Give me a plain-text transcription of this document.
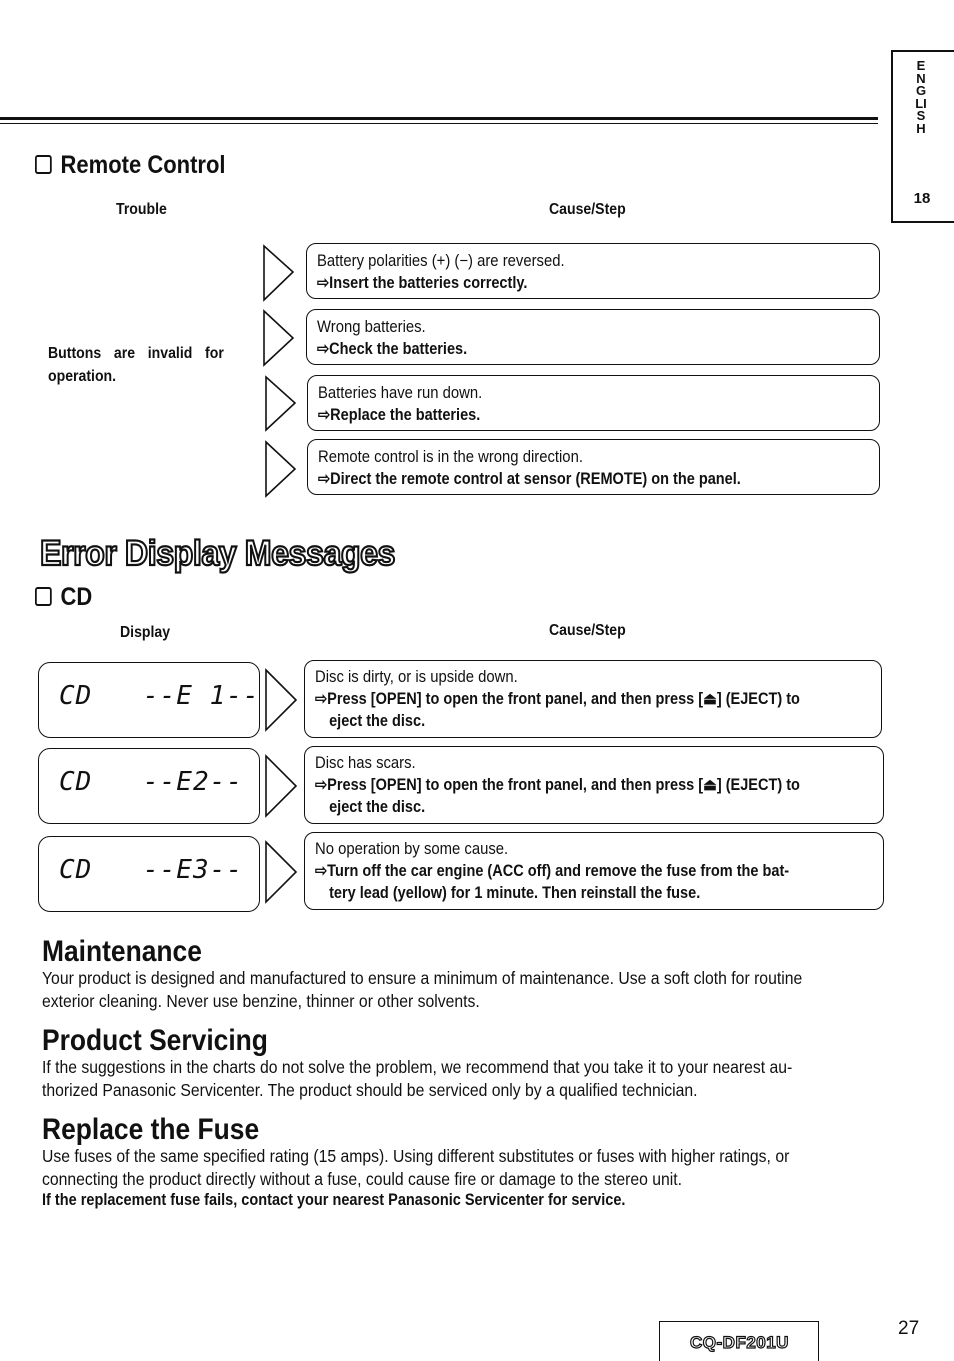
ENGLISH
18
Remote Control
Trouble	Cause/Step
Buttons are invalid for
operation.
Battery polarities (+) (−) are reversed.
⇨Insert the batteries correctly.
Wrong batteries.
⇨Check the batteries.
Batteries have run down.
⇨Replace the batteries.
Remote control is in the wrong direction.
⇨Direct the remote control at sensor (REMOTE) on the panel.
Error Display Messages
CD
Display	Cause/Step
CD --E 1--
CD --E2--
CD --E3--
Disc is dirty, or is upside down.
⇨Press [OPEN] to open the front panel, and then press [⏏] (EJECT) to
eject the disc.
Disc has scars.
⇨Press [OPEN] to open the front panel, and then press [⏏] (EJECT) to
eject the disc.
No operation by some cause.
⇨Turn off the car engine (ACC off) and remove the fuse from the bat-
tery lead (yellow) for 1 minute. Then reinstall the fuse.
Maintenance
Your product is designed and manufactured to ensure a minimum of maintenance. Use a soft cloth for routine
exterior cleaning. Never use benzine, thinner or other solvents.
Product Servicing
If the suggestions in the charts do not solve the problem, we recommend that you take it to your nearest au-
thorized Panasonic Servicenter. The product should be serviced only by a qualified technician.
Replace the Fuse
Use fuses of the same specified rating (15 amps). Using different substitutes or fuses with higher ratings, or
connecting the product directly without a fuse, could cause fire or damage to the stereo unit.
If the replacement fuse fails, contact your nearest Panasonic Servicenter for service.
CQ-DF201U
27
